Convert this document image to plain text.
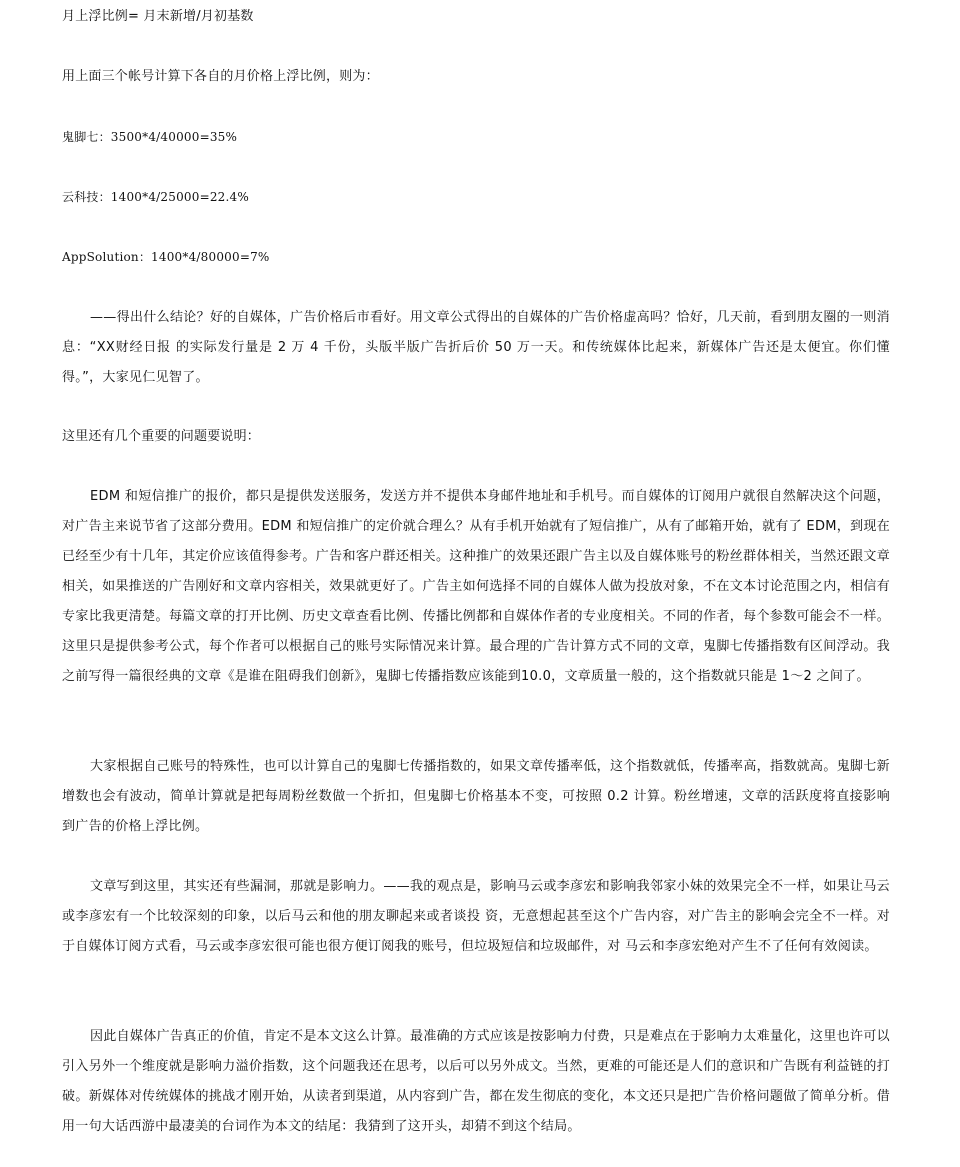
月上浮比例= 月末新增/月初基数
用上面三个帐号计算下各自的月价格上浮比例，则为：
鬼脚七：3500*4/40000=35%
云科技：1400*4/25000=22.4%
AppSolution：1400*4/80000=7%
——得出什么结论？好的自媒体，广告价格后市看好。用文章公式得出的自媒体的广告价格虚高吗？恰好，几天前，看到朋友圈的一则消息：“XX财经日报 的实际发行量是 2 万 4 千份，头版半版广告折后价 50 万一天。和传统媒体比起来，新媒体广告还是太便宜。你们懂得。”，大家见仁见智了。
这里还有几个重要的问题要说明：
EDM 和短信推广的报价，都只是提供发送服务，发送方并不提供本身邮件地址和手机号。而自媒体的订阅用户就很自然解决这个问题，对广告主来说节省了这部分费用。EDM 和短信推广的定价就合理么？从有手机开始就有了短信推广，从有了邮箱开始，就有了 EDM，到现在已经至少有十几年，其定价应该值得参考。广告和客户群还相关。这种推广的效果还跟广告主以及自媒体账号的粉丝群体相关，当然还跟文章相关，如果推送的广告刚好和文章内容相关，效果就更好了。广告主如何选择不同的自媒体人做为投放对象，不在文本讨论范围之内，相信有专家比我更清楚。每篇文章的打开比例、历史文章查看比例、传播比例都和自媒体作者的专业度相关。不同的作者，每个参数可能会不一样。这里只是提供参考公式，每个作者可以根据自己的账号实际情况来计算。最合理的广告计算方式不同的文章，鬼脚七传播指数有区间浮动。我之前写得一篇很经典的文章《是谁在阻碍我们创新》，鬼脚七传播指数应该能到10.0，文章质量一般的，这个指数就只能是 1～2 之间了。
大家根据自己账号的特殊性，也可以计算自己的鬼脚七传播指数的，如果文章传播率低，这个指数就低，传播率高，指数就高。鬼脚七新增数也会有波动，简单计算就是把每周粉丝数做一个折扣，但鬼脚七价格基本不变，可按照 0.2 计算。粉丝增速，文章的活跃度将直接影响到广告的价格上浮比例。
文章写到这里，其实还有些漏洞，那就是影响力。——我的观点是，影响马云或李彦宏和影响我邻家小妹的效果完全不一样，如果让马云或李彦宏有一个比较深刻的印象，以后马云和他的朋友聊起来或者谈投 资，无意想起甚至这个广告内容，对广告主的影响会完全不一样。对于自媒体订阅方式看，马云或李彦宏很可能也很方便订阅我的账号，但垃圾短信和垃圾邮件，对 马云和李彦宏绝对产生不了任何有效阅读。
因此自媒体广告真正的价值，肯定不是本文这么计算。最准确的方式应该是按影响力付费，只是难点在于影响力太难量化，这里也许可以引入另外一个维度就是影响力溢价指数，这个问题我还在思考，以后可以另外成文。当然，更难的可能还是人们的意识和广告既有利益链的打破。新媒体对传统媒体的挑战才刚开始，从读者到渠道，从内容到广告，都在发生彻底的变化，本文还只是把广告价格问题做了简单分析。借用一句大话西游中最凄美的台词作为本文的结尾：我猜到了这开头，却猜不到这个结局。
